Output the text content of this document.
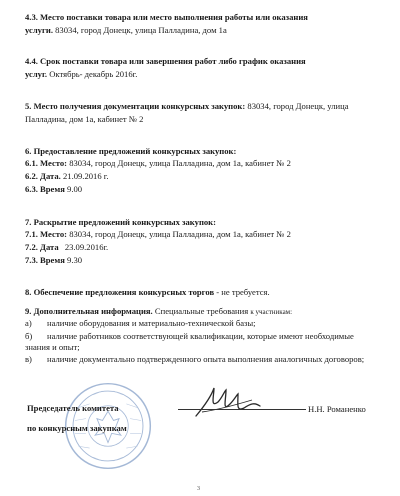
4.3. Место поставки товара или место выполнения работы или оказания
услуги. 83034, город Донецк, улица Палладина, дом 1а
4.4. Срок поставки товара или завершения работ либо график оказания
услуг. Октябрь- декабрь 2016г.
5. Место получения документации конкурсных закупок: 83034, город Донецк, улица
Палладина, дом 1а, кабинет № 2
6. Предоставление предложений конкурсных закупок:
6.1. Место: 83034, город Донецк, улица Палладина, дом 1а, кабинет № 2
6.2. Дата. 21.09.2016 г.
6.3. Время 9.00
7. Раскрытие предложений конкурсных закупок:
7.1. Место: 83034, город Донецк, улица Палладина, дом 1а, кабинет № 2
7.2. Дата 23.09.2016г.
7.3. Время 9.30
8. Обеспечение предложения конкурсных торгов - не требуется.
9. Дополнительная информация. Специальные требования к участникам:
а) наличие оборудования и материально-технической базы;
б) наличие работников соответствующей квалификации, которые имеют необходимые
знания и опыт;
в) наличие документально подтвержденного опыта выполнения аналогичных договоров;
Председатель комитета
по конкурсным закупкам
Н.Н. Романенко
3
